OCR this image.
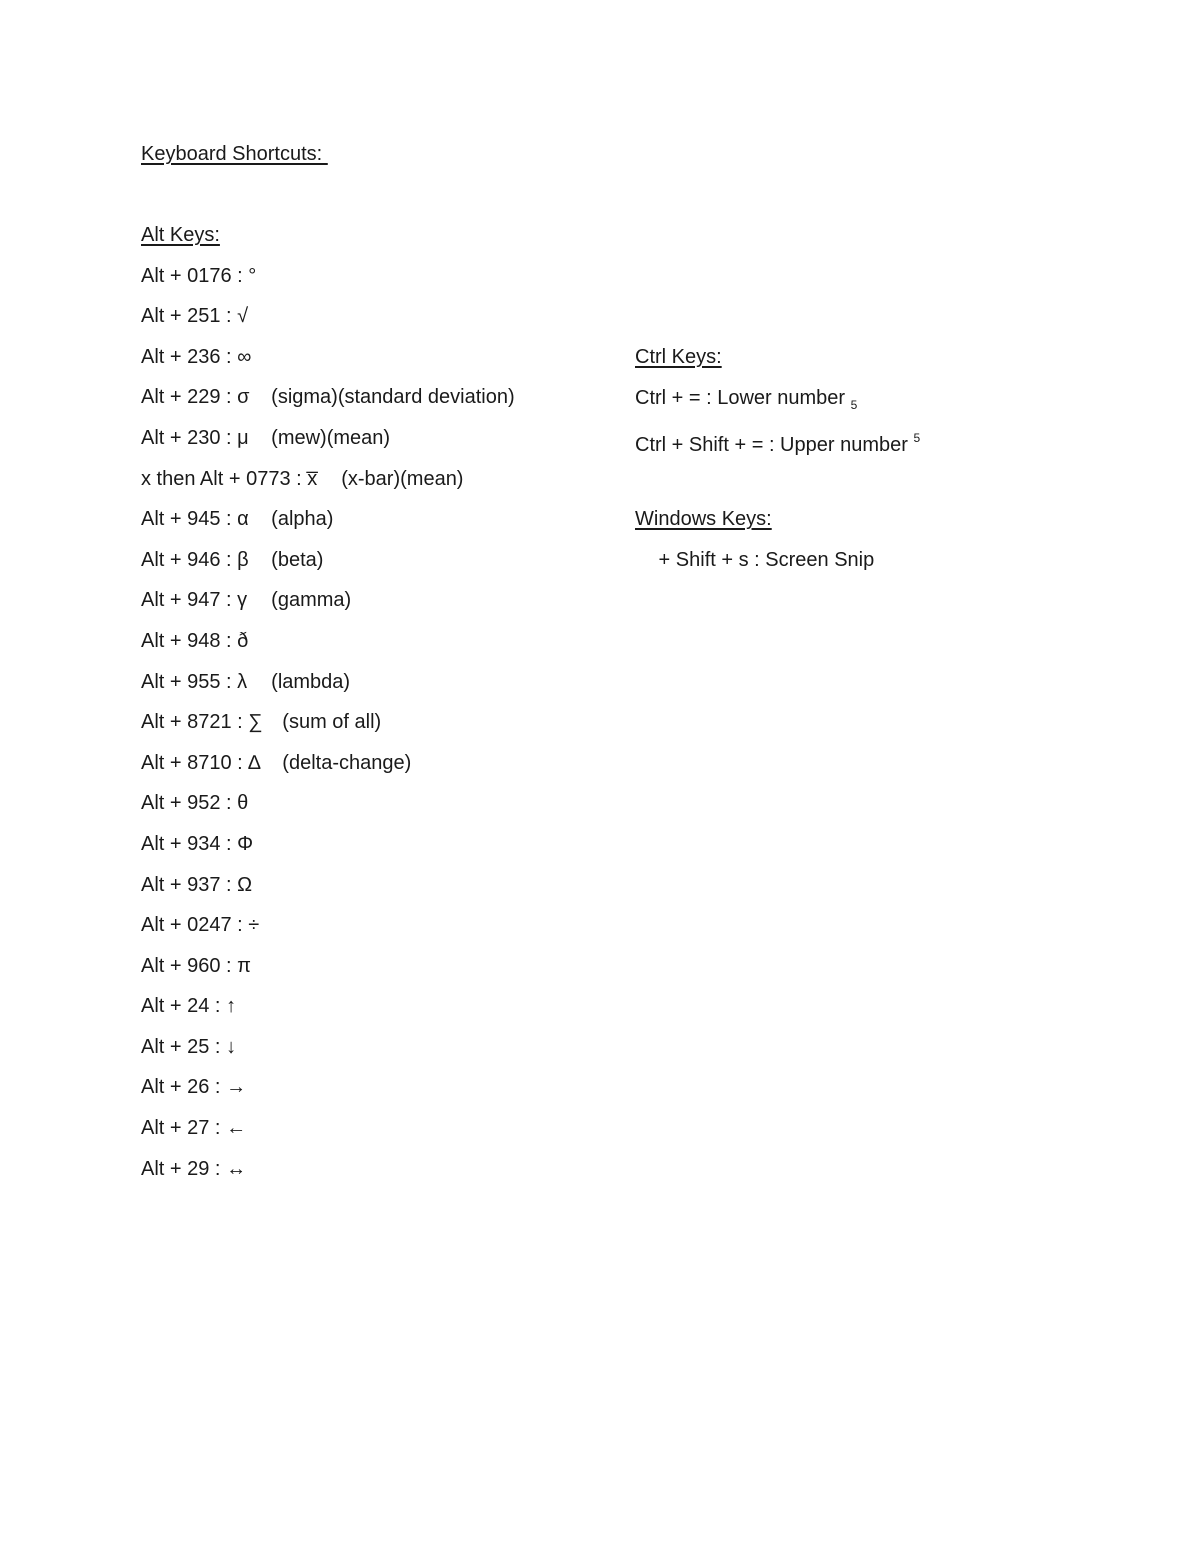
Keyboard Shortcuts:
Alt Keys:
Alt + 0176 : °
Alt + 251 : √
Alt + 236 : ∞
Alt + 229 : σ (sigma)(standard deviation)
Alt + 230 : μ (mew)(mean)
x then Alt + 0773 : x̅ (x-bar)(mean)
Alt + 945 : α (alpha)
Alt + 946 : β (beta)
Alt + 947 : γ (gamma)
Alt + 948 : ð
Alt + 955 : λ (lambda)
Alt + 8721 : ∑ (sum of all)
Alt + 8710 : ∆ (delta-change)
Alt + 952 : θ
Alt + 934 : Φ
Alt + 937 : Ω
Alt + 0247 : ÷
Alt + 960 : π
Alt + 24 : ↑
Alt + 25 : ↓
Alt + 26 : →
Alt + 27 : ←
Alt + 29 : ↔
Ctrl Keys:
Ctrl + = : Lower number $_5$
Ctrl + Shift + = : Upper number $^5$
Windows Keys:
+ Shift + s : Screen Snip
